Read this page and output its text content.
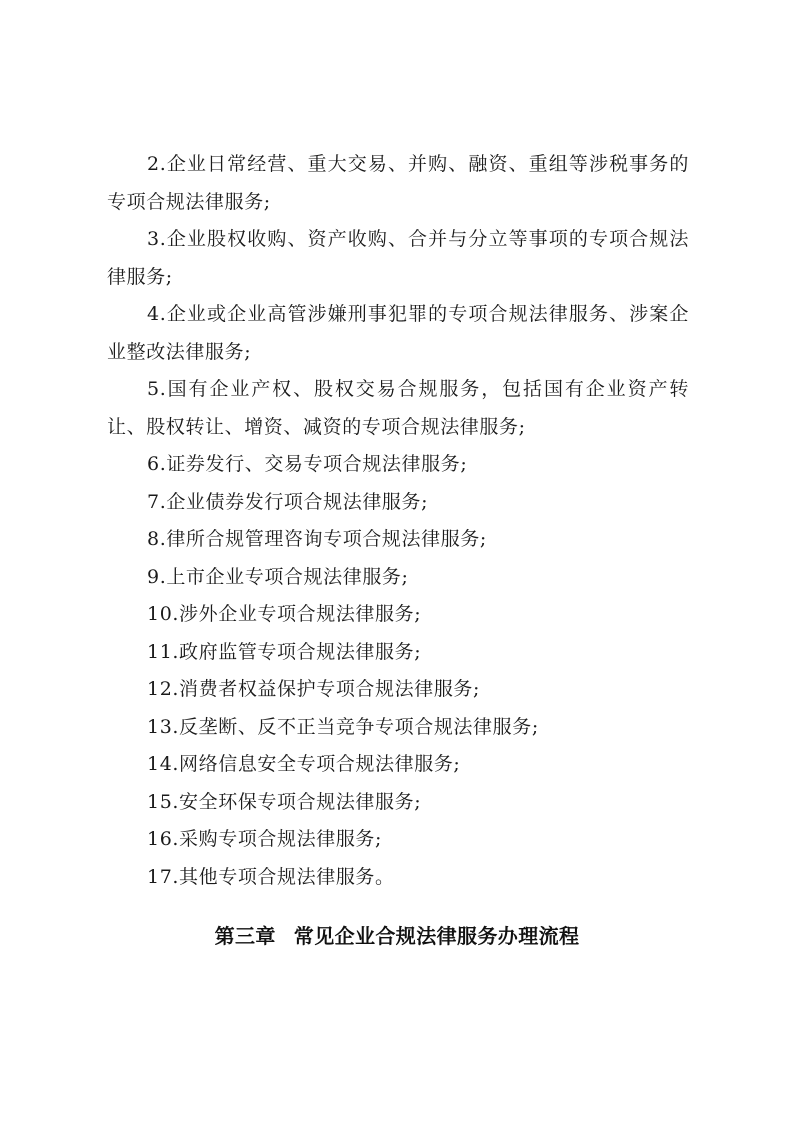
2.企业日常经营、重大交易、并购、融资、重组等涉税事务的专项合规法律服务;

3.企业股权收购、资产收购、合并与分立等事项的专项合规法律服务;

4.企业或企业高管涉嫌刑事犯罪的专项合规法律服务、涉案企业整改法律服务;

5.国有企业产权、股权交易合规服务，包括国有企业资产转让、股权转让、增资、减资的专项合规法律服务;

6.证券发行、交易专项合规法律服务;

7.企业债券发行项合规法律服务;

8.律所合规管理咨询专项合规法律服务;

9.上市企业专项合规法律服务;

10.涉外企业专项合规法律服务;

11.政府监管专项合规法律服务;

12.消费者权益保护专项合规法律服务;

13.反垄断、反不正当竞争专项合规法律服务;

14.网络信息安全专项合规法律服务;

15.安全环保专项合规法律服务;

16.采购专项合规法律服务;

17.其他专项合规法律服务。

第三章 常见企业合规法律服务办理流程
